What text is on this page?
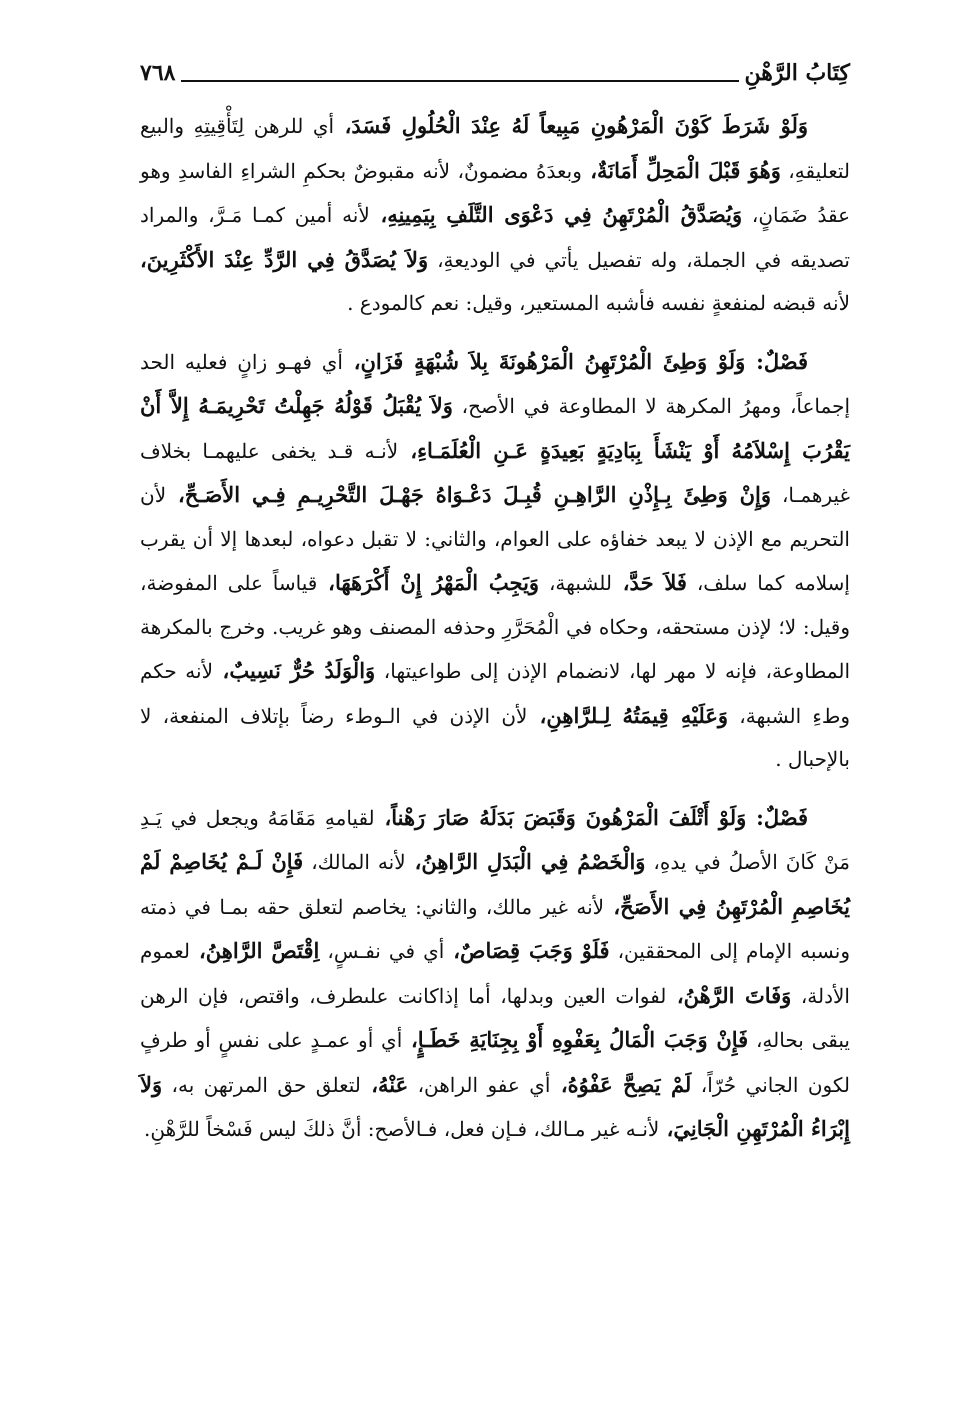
كِتَابُ الرَّهْنِ
٧٦٨

وَلَوْ شَرَطَ كَوْنَ الْمَرْهُونِ مَبِيعاً لَهُ عِنْدَ الْحُلُولِ فَسَدَ، أي للرهن لِتَأْقِيتِهِ والبيع لتعليقهِ، وَهُوَ قَبْلَ الْمَحِلِّ أَمَانَةٌ، وبعدَهُ مضمونٌ، لأنه مقبوضٌ بحكمِ الشراءِ الفاسدِ وهو عقدُ ضَمَانٍ، وَيُصَدَّقُ الْمُرْتَهِنُ فِي دَعْوَى التَّلَفِ بِيَمِينِهِ، لأنه أمين كمـا مَـرَّ، والمراد تصديقه في الجملة، وله تفصيل يأتي في الوديعةِ، وَلاَ يُصَدَّقُ فِي الرَّدِّ عِنْدَ الأَكْثَرِينَ، لأنه قبضه لمنفعةٍ نفسه فأشبه المستعير، وقيل: نعم كالمودع .

فَصْلٌ: وَلَوْ وَطِئَ الْمُرْتَهِنُ الْمَرْهُونَةَ بِلاَ شُبْهَةٍ فَزَانٍ، أي فهـو زانٍ فعليه الحد إجماعاً، ومهرُ المكرهة لا المطاوعة في الأصح، وَلاَ يُقْبَلُ قَوْلُهُ جَهِلْتُ تَحْرِيمَـهُ إِلاَّ أَنْ يَقْرُبَ إِسْلاَمُهُ أَوْ يَنْشَأَ بِبَادِيَةٍ بَعِيدَةٍ عَـنِ الْعُلَمَـاءِ، لأنـه قـد يخفى عليهمـا بخلاف غيرهمـا، وَإِنْ وَطِئَ بِـإِذْنِ الرَّاهِـنِ قُبِـلَ دَعْـوَاهُ جَهْـلَ التَّحْرِيـمِ فِـي الأَصَـحِّ، لأن التحريم مع الإذن لا يبعد خفاؤه على العوام، والثاني: لا تقبل دعواه، لبعدها إلا أن يقرب إسلامه كما سلف، فَلاَ حَدَّ، للشبهة، وَيَجِبُ الْمَهْرُ إِنْ أَكْرَهَهَا، قياساً على المفوضة، وقيل: لا؛ لإذن مستحقه، وحكاه في الْمُحَرَّرِ وحذفه المصنف وهو غريب. وخرج بالمكرهة المطاوعة، فإنه لا مهر لها، لانضمام الإذن إلى طواعيتها، وَالْوَلَدُ حُرٌّ نَسِيبٌ، لأنه حكم وطءِ الشبهة، وَعَلَيْهِ قِيمَتُهُ لِـلرَّاهِنِ، لأن الإذن في الـوطء رضاً بإتلاف المنفعة، لا بالإحبال .

فَصْلٌ: وَلَوْ أَتْلَفَ الْمَرْهُونَ وَقَبَضَ بَدَلَهُ صَارَ رَهْناً، لقيامهِ مَقَامَهُ ويجعل في يَـدِ مَنْ كَانَ الأصلُ في يدهِ، وَالْخَصْمُ فِي الْبَدَلِ الرَّاهِنُ، لأنه المالك، فَإِنْ لَـمْ يُخَاصِمْ لَمْ يُخَاصِمِ الْمُرْتَهِنُ فِي الأَصَحِّ، لأنه غير مالك، والثاني: يخاصم لتعلق حقه بمـا في ذمته ونسبه الإمام إلى المحققين، فَلَوْ وَجَبَ قِصَاصٌ، أي في نفـسٍ، اِقْتَصَّ الرَّاهِنُ، لعموم الأدلة، وَفَاتَ الرَّهْنُ، لفوات العين وبدلها، أما إذاكانت علىطرف، واقتص، فإن الرهن يبقى بحالهِ، فَإِنْ وَجَبَ الْمَالُ بِعَفْوِهِ أَوْ بِجِنَايَةِ خَطَـإٍ، أي أو عمـدٍ على نفسٍ أو طرفٍ لكون الجاني حُرّاً، لَمْ يَصِحَّ عَفْوُهُ، أي عفو الراهن، عَنْهُ، لتعلق حق المرتهن به، وَلاَ إِبْرَاءُ الْمُرْتَهِنِ الْجَانِيَ، لأنـه غير مـالك، فـإن فعل، فـالأصح: أنَّ ذلكَ ليس فَسْخاً للرَّهْنِ.
